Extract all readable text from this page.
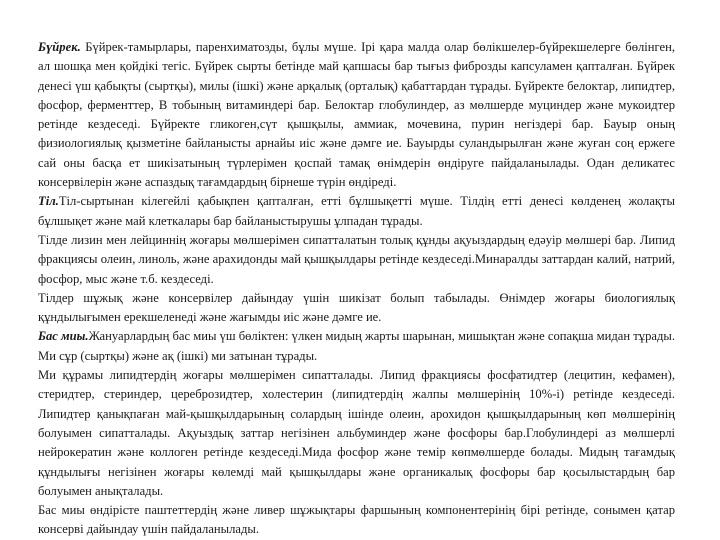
Бүйрек. Бүйрек-тамырлары, паренхиматозды, бұлы мүше. Ірі қара малда олар бөлікшелер-бүйрекшелерге бөлінген, ал шошқа мен қойдікі тегіс. Бүйрек сырты бетінде май қапшасы бар тығыз фиброзды капсуламен қапталған. Бүйрек денесі үш қабықты (сыртқы), милы (ішкі) және арқалық (орталық) қабаттардан тұрады. Бүйректе белоктар, липидтер, фосфор, ферменттер, В тобының витаминдері бар. Белоктар глобулиндер, аз мөлшерде муциндер және мукоидтер ретінде кездеседі. Бүйректе гликоген,сүт қышқылы, аммиак, мочевина, пурин негіздері бар. Бауыр оның физиологиялық қызметіне байланысты арнайы иіс және дәмге ие. Бауырды суландырылған және жуған соң ержеге сай оны басқа ет шикізатының түрлерімен қоспай тамақ өнімдерін өндіруге пайдаланылады. Одан деликатес консервілерін және аспаздық тағамдардың бірнеше түрін өндіреді.

Тіл.Тіл-сыртынан кілегейлі қабықпен қапталған, етті бұлшықетті мүше. Тілдің етті денесі көлденең жолақты бұлшықет және май клеткалары бар байланыстырушы ұлпадан тұрады.

Тілде лизин мен лейциннің жоғары мөлшерімен сипатталатын толық құнды ақуыздардың едәуір мөлшері бар. Липид фракциясы олеин, линоль, және арахидонды май қышқылдары ретінде кездеседі.Минаралды заттардан калий, натрий, фосфор, мыс және т.б. кездеседі.

Тілдер шұжық және консервілер дайындау үшін шикізат болып табылады. Өнімдер жоғары биологиялық құндылығымен ерекшеленеді және жағымды иіс және дәмге ие.

Бас миы.Жануарлардың бас миы үш бөліктен: үлкен мидың жарты шарынан, мишықтан және сопақша мидан тұрады. Ми сұр (сыртқы) және ақ (ішкі) ми затынан тұрады.

Ми құрамы липидтердің жоғары мөлшерімен сипатталады. Липид фракциясы фосфатидтер (лецитин, кефамен), стеридтер, стериндер, цереброзидтер, холестерин (липидтердің жалпы мөлшерінің 10%-і) ретінде кездеседі. Липидтер қанықпаған май-қышқылдарының солардың ішінде олеин, арохидон қышқылдарының көп мөлшерінің болуымен сипатталады. Ақуыздық заттар негізінен альбуминдер және фосфоры бар.Глобулиндері аз мөлшерлі нейрокератин және коллоген ретінде кездеседі.Мида фосфор және темір көпмөлшерде болады. Мидың тағамдық құндылығы негізінен жоғары көлемді май қышқылдары және органикалық фосфоры бар қосылыстардың бар болуымен анықталады.

Бас миы өндірісте паштеттердің және ливер шұжықтары фаршының компонентерінің бірі ретінде, сонымен қатар консерві дайындау үшін пайдаланылады.
